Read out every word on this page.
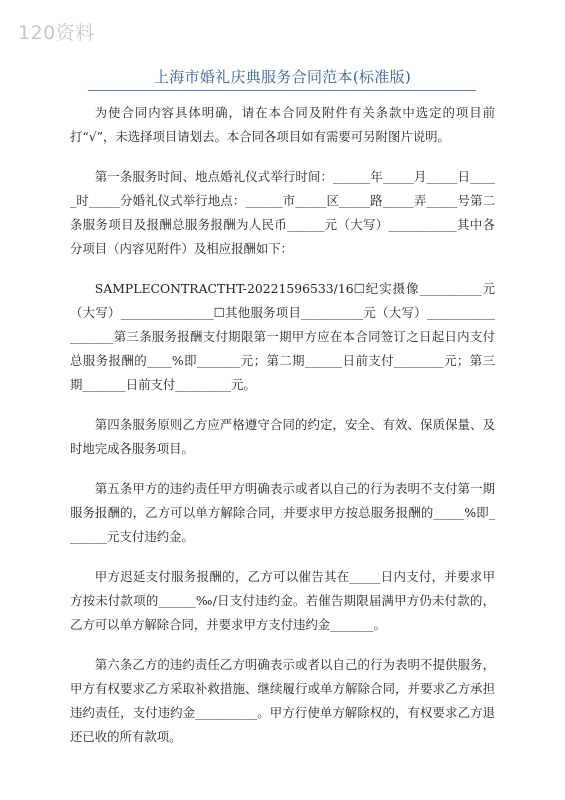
120资料
上海市婚礼庆典服务合同范本(标准版)

为使合同内容具体明确，请在本合同及附件有关条款中选定的项目前打“√”，未选择项目请划去。本合同各项目如有需要可另附图片说明。

第一条服务时间、地点婚礼仪式举行时间：______年_____月_____日_____时_____分婚礼仪式举行地点：______市_____区_____路_____弄_____号第二条服务项目及报酬总服务报酬为人民币______元（大写）___________其中各分项目（内容见附件）及相应报酬如下：

SAMPLECONTRACTHT-20221596533/16☐纪实摄像__________元（大写）_______________☐其他服务项目__________元（大写）__________________第三条服务报酬支付期限第一期甲方应在本合同签订之日起日内支付总服务报酬的____%即_______元；第二期______日前支付________元；第三期_______日前支付_________元。

第四条服务原则乙方应严格遵守合同的约定，安全、有效、保质保量、及时地完成各服务项目。

第五条甲方的违约责任甲方明确表示或者以自己的行为表明不支付第一期服务报酬的，乙方可以单方解除合同，并要求甲方按总服务报酬的_____%即_______元支付违约金。

甲方迟延支付服务报酬的，乙方可以催告其在_____日内支付，并要求甲方按未付款项的______‰/日支付违约金。若催告期限届满甲方仍未付款的，乙方可以单方解除合同，并要求甲方支付违约金_______。

第六条乙方的违约责任乙方明确表示或者以自己的行为表明不提供服务，甲方有权要求乙方采取补救措施、继续履行或单方解除合同，并要求乙方承担违约责任，支付违约金__________。甲方行使单方解除权的，有权要求乙方退还已收的所有款项。
